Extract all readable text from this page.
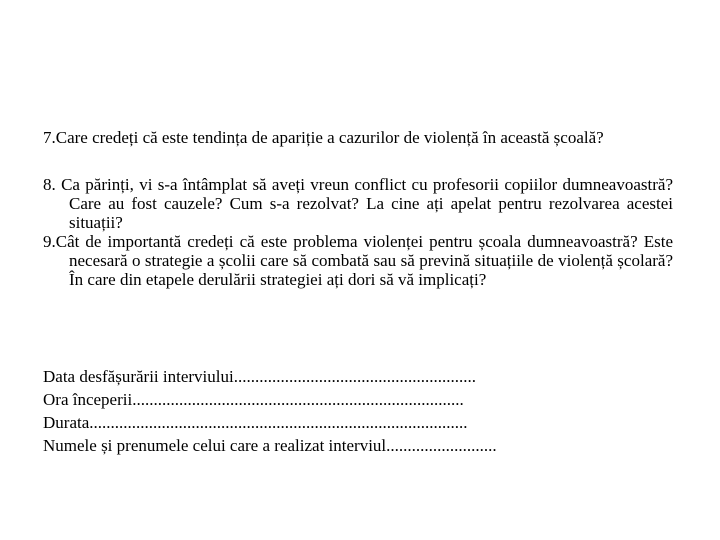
7.Care credeți că este tendința de apariție a cazurilor de violență în această școală?

8. Ca părinți, vi s-a întâmplat să aveți vreun conflict cu profesorii copiilor dumneavoastră? Care au fost cauzele? Cum s-a rezolvat? La cine ați apelat pentru rezolvarea acestei situații?

9.Cât de importantă credeți că este problema violenței pentru școala dumneavoastră? Este necesară o strategie a școlii care să combată sau să prevină situațiile de violență școlară? În care din etapele derulării strategiei ați dori să vă implicați?

Data desfășurării interviului.........................................................
Ora începerii..............................................................................
Durata.........................................................................................
Numele și prenumele celui care a realizat interviul..........................
